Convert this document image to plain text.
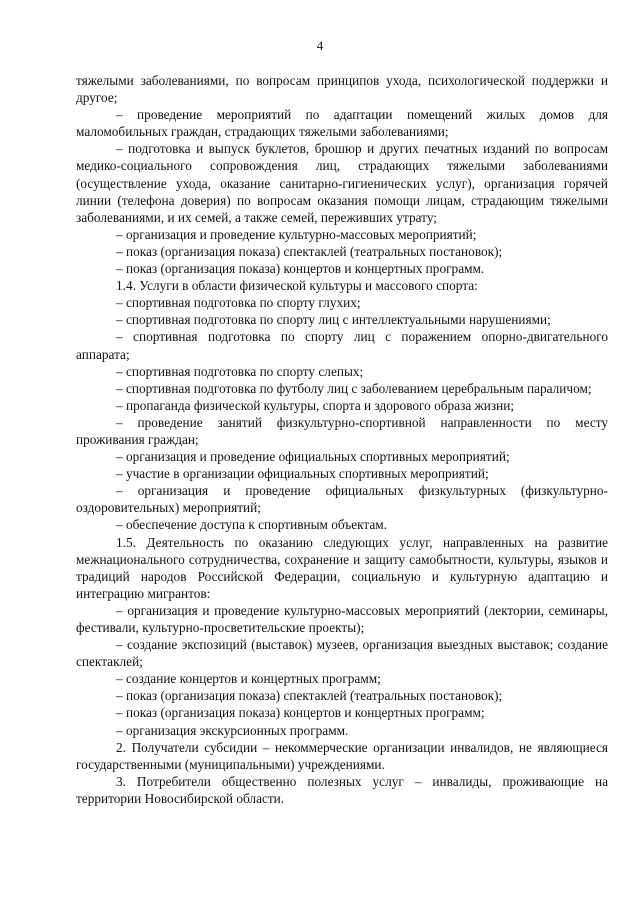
4

тяжелыми заболеваниями, по вопросам принципов ухода, психологической поддержки и другое;

– проведение мероприятий по адаптации помещений жилых домов для маломобильных граждан, страдающих тяжелыми заболеваниями;

– подготовка и выпуск буклетов, брошюр и других печатных изданий по вопросам медико-социального сопровождения лиц, страдающих тяжелыми заболеваниями (осуществление ухода, оказание санитарно-гигиенических услуг), организация горячей линии (телефона доверия) по вопросам оказания помощи лицам, страдающим тяжелыми заболеваниями, и их семей, а также семей, переживших утрату;

– организация и проведение культурно-массовых мероприятий;

– показ (организация показа) спектаклей (театральных постановок);

– показ (организация показа) концертов и концертных программ.

1.4. Услуги в области физической культуры и массового спорта:

– спортивная подготовка по спорту глухих;

– спортивная подготовка по спорту лиц с интеллектуальными нарушениями;

– спортивная подготовка по спорту лиц с поражением опорно-двигательного аппарата;

– спортивная подготовка по спорту слепых;

– спортивная подготовка по футболу лиц с заболеванием церебральным параличом;

– пропаганда физической культуры, спорта и здорового образа жизни;

– проведение занятий физкультурно-спортивной направленности по месту проживания граждан;

– организация и проведение официальных спортивных мероприятий;

– участие в организации официальных спортивных мероприятий;

– организация и проведение официальных физкультурных (физкультурно-оздоровительных) мероприятий;

– обеспечение доступа к спортивным объектам.

1.5. Деятельность по оказанию следующих услуг, направленных на развитие межнационального сотрудничества, сохранение и защиту самобытности, культуры, языков и традиций народов Российской Федерации, социальную и культурную адаптацию и интеграцию мигрантов:

– организация и проведение культурно-массовых мероприятий (лектории, семинары, фестивали, культурно-просветительские проекты);

– создание экспозиций (выставок) музеев, организация выездных выставок; создание спектаклей;

– создание концертов и концертных программ;

– показ (организация показа) спектаклей (театральных постановок);

– показ (организация показа) концертов и концертных программ;

– организация экскурсионных программ.

2. Получатели субсидии – некоммерческие организации инвалидов, не являющиеся государственными (муниципальными) учреждениями.

3. Потребители общественно полезных услуг – инвалиды, проживающие на территории Новосибирской области.
